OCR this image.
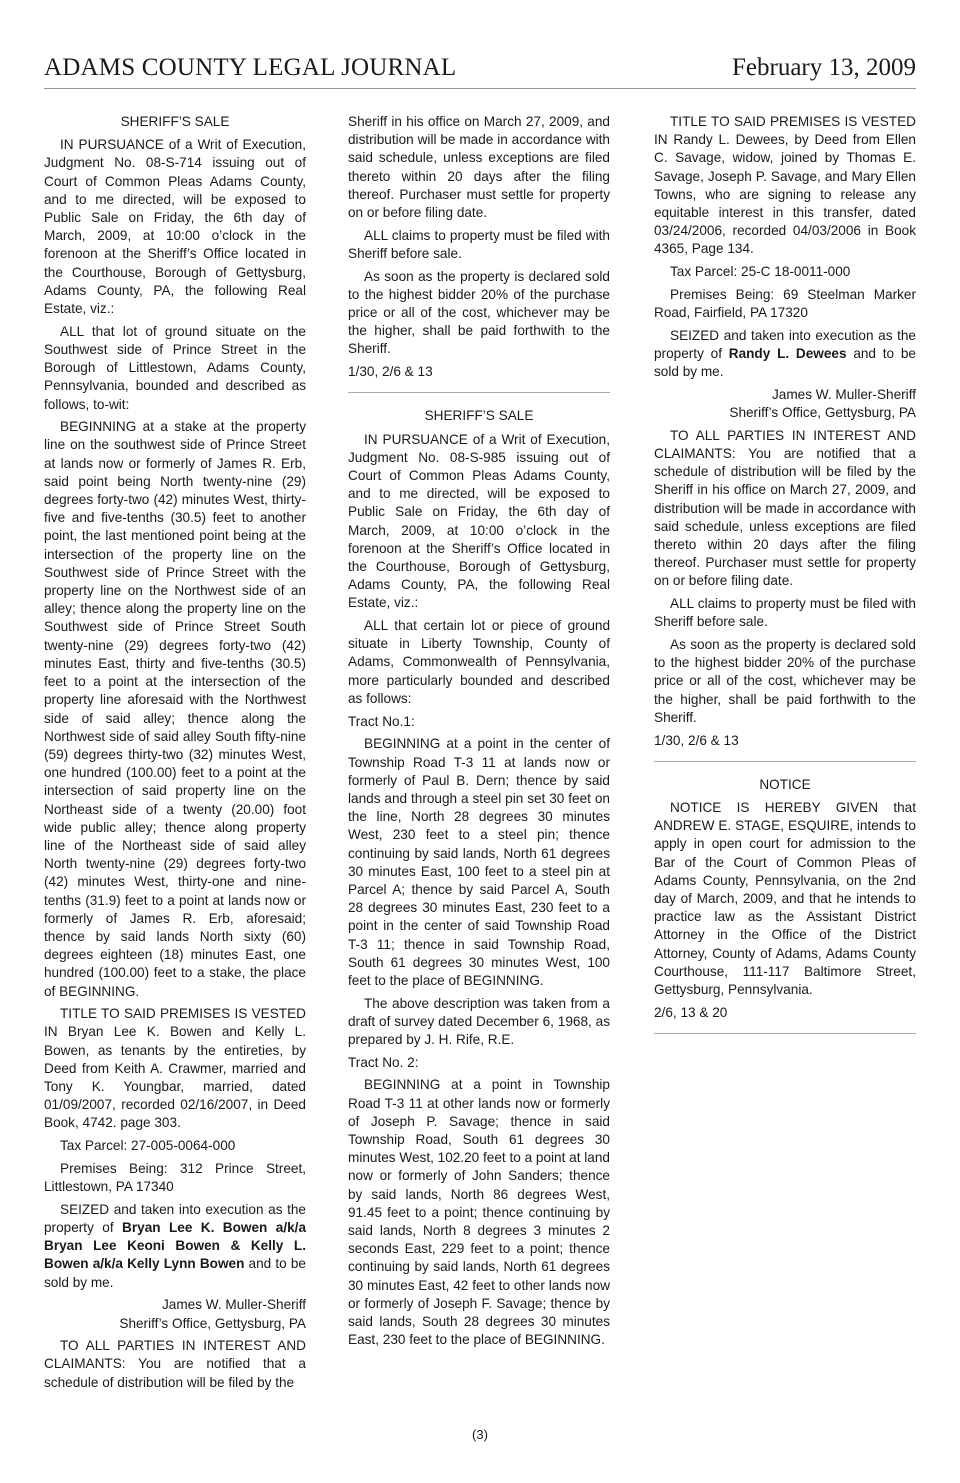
ADAMS COUNTY LEGAL JOURNAL	February 13, 2009

SHERIFF’S SALE

IN PURSUANCE of a Writ of Execution, Judgment No. 08-S-714 issuing out of Court of Common Pleas Adams County, and to me directed, will be exposed to Public Sale on Friday, the 6th day of March, 2009, at 10:00 o’clock in the forenoon at the Sheriff’s Office located in the Courthouse, Borough of Gettysburg, Adams County, PA, the following Real Estate, viz.:

ALL that lot of ground situate on the Southwest side of Prince Street in the Borough of Littlestown, Adams County, Pennsylvania, bounded and described as follows, to-wit:

BEGINNING at a stake at the property line on the southwest side of Prince Street at lands now or formerly of James R. Erb, said point being North twenty-nine (29) degrees forty-two (42) minutes West, thirty-five and five-tenths (30.5) feet to another point, the last mentioned point being at the intersection of the property line on the Southwest side of Prince Street with the property line on the Northwest side of an alley; thence along the property line on the Southwest side of Prince Street South twenty-nine (29) degrees forty-two (42) minutes East, thirty and five-tenths (30.5) feet to a point at the intersection of the property line aforesaid with the Northwest side of said alley; thence along the Northwest side of said alley South fifty-nine (59) degrees thirty-two (32) minutes West, one hundred (100.00) feet to a point at the intersection of said property line on the Northeast side of a twenty (20.00) foot wide public alley; thence along property line of the Northeast side of said alley North twenty-nine (29) degrees forty-two (42) minutes West, thirty-one and nine-tenths (31.9) feet to a point at lands now or formerly of James R. Erb, aforesaid; thence by said lands North sixty (60) degrees eighteen (18) minutes East, one hundred (100.00) feet to a stake, the place of BEGINNING.

TITLE TO SAID PREMISES IS VESTED IN Bryan Lee K. Bowen and Kelly L. Bowen, as tenants by the entireties, by Deed from Keith A. Crawmer, married and Tony K. Youngbar, married, dated 01/09/2007, recorded 02/16/2007, in Deed Book, 4742. page 303.

Tax Parcel: 27-005-0064-000

Premises Being: 312 Prince Street, Littlestown, PA 17340

SEIZED and taken into execution as the property of Bryan Lee K. Bowen a/k/a Bryan Lee Keoni Bowen & Kelly L. Bowen a/k/a Kelly Lynn Bowen and to be sold by me.

James W. Muller-Sheriff

Sheriff’s Office, Gettysburg, PA

TO ALL PARTIES IN INTEREST AND CLAIMANTS: You are notified that a schedule of distribution will be filed by the

Sheriff in his office on March 27, 2009, and distribution will be made in accordance with said schedule, unless exceptions are filed thereto within 20 days after the filing thereof. Purchaser must settle for property on or before filing date.

ALL claims to property must be filed with Sheriff before sale.

As soon as the property is declared sold to the highest bidder 20% of the purchase price or all of the cost, whichever may be the higher, shall be paid forthwith to the Sheriff.

1/30, 2/6 & 13

SHERIFF’S SALE

IN PURSUANCE of a Writ of Execution, Judgment No. 08-S-985 issuing out of Court of Common Pleas Adams County, and to me directed, will be exposed to Public Sale on Friday, the 6th day of March, 2009, at 10:00 o’clock in the forenoon at the Sheriff’s Office located in the Courthouse, Borough of Gettysburg, Adams County, PA, the following Real Estate, viz.:

ALL that certain lot or piece of ground situate in Liberty Township, County of Adams, Commonwealth of Pennsylvania, more particularly bounded and described as follows:

Tract No.1:

BEGINNING at a point in the center of Township Road T-3 11 at lands now or formerly of Paul B. Dern; thence by said lands and through a steel pin set 30 feet on the line, North 28 degrees 30 minutes West, 230 feet to a steel pin; thence continuing by said lands, North 61 degrees 30 minutes East, 100 feet to a steel pin at Parcel A; thence by said Parcel A, South 28 degrees 30 minutes East, 230 feet to a point in the center of said Township Road T-3 11; thence in said Township Road, South 61 degrees 30 minutes West, 100 feet to the place of BEGINNING.

The above description was taken from a draft of survey dated December 6, 1968, as prepared by J. H. Rife, R.E.

Tract No. 2:

BEGINNING at a point in Township Road T-3 11 at other lands now or formerly of Joseph P. Savage; thence in said Township Road, South 61 degrees 30 minutes West, 102.20 feet to a point at land now or formerly of John Sanders; thence by said lands, North 86 degrees West, 91.45 feet to a point; thence continuing by said lands, North 8 degrees 3 minutes 2 seconds East, 229 feet to a point; thence continuing by said lands, North 61 degrees 30 minutes East, 42 feet to other lands now or formerly of Joseph F. Savage; thence by said lands, South 28 degrees 30 minutes East, 230 feet to the place of BEGINNING.

TITLE TO SAID PREMISES IS VESTED IN Randy L. Dewees, by Deed from Ellen C. Savage, widow, joined by Thomas E. Savage, Joseph P. Savage, and Mary Ellen Towns, who are signing to release any equitable interest in this transfer, dated 03/24/2006, recorded 04/03/2006 in Book 4365, Page 134.

Tax Parcel: 25-C 18-0011-000

Premises Being: 69 Steelman Marker Road, Fairfield, PA 17320

SEIZED and taken into execution as the property of Randy L. Dewees and to be sold by me.

James W. Muller-Sheriff

Sheriff’s Office, Gettysburg, PA

TO ALL PARTIES IN INTEREST AND CLAIMANTS: You are notified that a schedule of distribution will be filed by the Sheriff in his office on March 27, 2009, and distribution will be made in accordance with said schedule, unless exceptions are filed thereto within 20 days after the filing thereof. Purchaser must settle for property on or before filing date.

ALL claims to property must be filed with Sheriff before sale.

As soon as the property is declared sold to the highest bidder 20% of the purchase price or all of the cost, whichever may be the higher, shall be paid forthwith to the Sheriff.

1/30, 2/6 & 13

NOTICE

NOTICE IS HEREBY GIVEN that ANDREW E. STAGE, ESQUIRE, intends to apply in open court for admission to the Bar of the Court of Common Pleas of Adams County, Pennsylvania, on the 2nd day of March, 2009, and that he intends to practice law as the Assistant District Attorney in the Office of the District Attorney, County of Adams, Adams County Courthouse, 111-117 Baltimore Street, Gettysburg, Pennsylvania.

2/6, 13 & 20

(3)
